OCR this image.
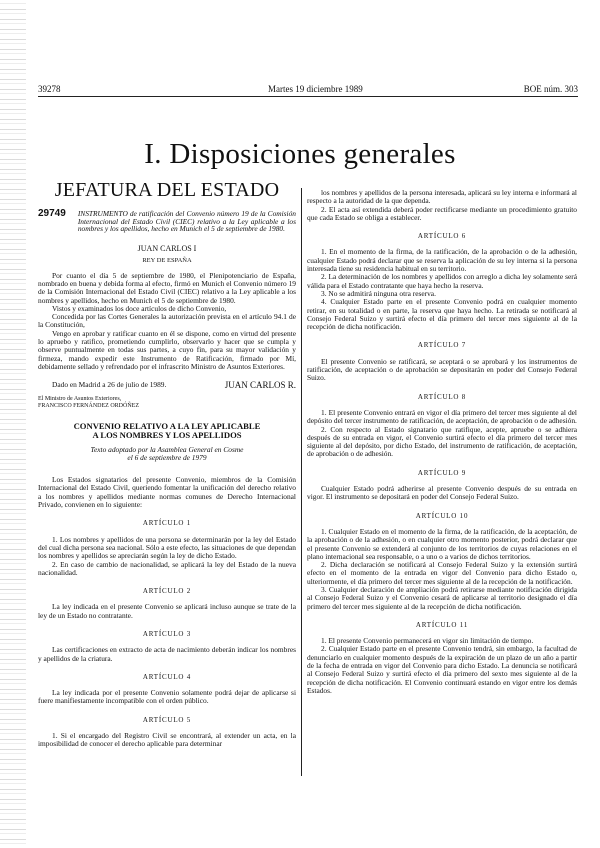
39278	Martes 19 diciembre 1989	BOE núm. 303
I. Disposiciones generales
JEFATURA DEL ESTADO
29749 INSTRUMENTO de ratificación del Convenio número 19 de la Comisión Internacional del Estado Civil (CIEC) relativo a la Ley aplicable a los nombres y los apellidos, hecho en Munich el 5 de septiembre de 1980.
JUAN CARLOS I
REY DE ESPAÑA

Por cuanto el día 5 de septiembre de 1980, el Plenipotenciario de España, nombrado en buena y debida forma al efecto, firmó en Munich el Convenio número 19 de la Comisión Internacional del Estado Civil (CIEC) relativo a la Ley aplicable a los nombres y apellidos, hecho en Munich el 5 de septiembre de 1980.

Vistos y examinados los doce artículos de dicho Convenio,

Concedida por las Cortes Generales la autorización prevista en el artículo 94.1 de la Constitución,

Vengo en aprobar y ratificar cuanto en él se dispone, como en virtud del presente lo apruebo y ratifico, prometiendo cumplirlo, observarlo y hacer que se cumpla y observe puntualmente en todas sus partes, a cuyo fin, para su mayor validación y firmeza, mando expedir este Instrumento de Ratificación, firmado por Mí, debidamente sellado y refrendado por el infrascrito Ministro de Asuntos Exteriores.

Dado en Madrid a 26 de julio de 1989.	JUAN CARLOS R.
El Ministro de Asuntos Exteriores,
FRANCISCO FERNÁNDEZ ORDÓÑEZ
CONVENIO RELATIVO A LA LEY APLICABLE
A LOS NOMBRES Y LOS APELLIDOS
Texto adoptado por la Asamblea General en Cosme
el 6 de septiembre de 1979

Los Estados signatarios del presente Convenio, miembros de la Comisión Internacional del Estado Civil, queriendo fomentar la unificación del derecho relativo a los nombres y apellidos mediante normas comunes de Derecho Internacional Privado, convienen en lo siguiente:

ARTÍCULO 1

1. Los nombres y apellidos de una persona se determinarán por la ley del Estado del cual dicha persona sea nacional. Sólo a este efecto, las situaciones de que dependan los nombres y apellidos se apreciarán según la ley de dicho Estado.

2. En caso de cambio de nacionalidad, se aplicará la ley del Estado de la nueva nacionalidad.

ARTÍCULO 2

La ley indicada en el presente Convenio se aplicará incluso aunque se trate de la ley de un Estado no contratante.

ARTÍCULO 3

Las certificaciones en extracto de acta de nacimiento deberán indicar los nombres y apellidos de la criatura.

ARTÍCULO 4

La ley indicada por el presente Convenio solamente podrá dejar de aplicarse si fuere manifiestamente incompatible con el orden público.

ARTÍCULO 5

1. Si el encargado del Registro Civil se encontrará, al extender un acta, en la imposibilidad de conocer el derecho aplicable para determinar

los nombres y apellidos de la persona interesada, aplicará su ley interna e informará al respecto a la autoridad de la que dependa.

2. El acta así extendida deberá poder rectificarse mediante un procedimiento gratuito que cada Estado se obliga a establecer.

ARTÍCULO 6

1. En el momento de la firma, de la ratificación, de la aprobación o de la adhesión, cualquier Estado podrá declarar que se reserva la aplicación de su ley interna si la persona interesada tiene su residencia habitual en su territorio.

2. La determinación de los nombres y apellidos con arreglo a dicha ley solamente será válida para el Estado contratante que haya hecho la reserva.

3. No se admitirá ninguna otra reserva.

4. Cualquier Estado parte en el presente Convenio podrá en cualquier momento retirar, en su totalidad o en parte, la reserva que haya hecho. La retirada se notificará al Consejo Federal Suizo y surtirá efecto el día primero del tercer mes siguiente al de la recepción de dicha notificación.

ARTÍCULO 7

El presente Convenio se ratificará, se aceptará o se aprobará y los instrumentos de ratificación, de aceptación o de aprobación se depositarán en poder del Consejo Federal Suizo.

ARTÍCULO 8

1. El presente Convenio entrará en vigor el día primero del tercer mes siguiente al del depósito del tercer instrumento de ratificación, de aceptación, de aprobación o de adhesión.

2. Con respecto al Estado signatario que ratifique, acepte, apruebe o se adhiera después de su entrada en vigor, el Convenio surtirá efecto el día primero del tercer mes siguiente al del depósito, por dicho Estado, del instrumento de ratificación, de aceptación, de aprobación o de adhesión.

ARTÍCULO 9

Cualquier Estado podrá adherirse al presente Convenio después de su entrada en vigor. El instrumento se depositará en poder del Consejo Federal Suizo.

ARTÍCULO 10

1. Cualquier Estado en el momento de la firma, de la ratificación, de la aceptación, de la aprobación o de la adhesión, o en cualquier otro momento posterior, podrá declarar que el presente Convenio se extenderá al conjunto de los territorios de cuyas relaciones en el plano internacional sea responsable, o a uno o a varios de dichos territorios.

2. Dicha declaración se notificará al Consejo Federal Suizo y la extensión surtirá efecto en el momento de la entrada en vigor del Convenio para dicho Estado o, ulteriormente, el día primero del tercer mes siguiente al de la recepción de la notificación.

3. Cualquier declaración de ampliación podrá retirarse mediante notificación dirigida al Consejo Federal Suizo y el Convenio cesará de aplicarse al territorio designado el día primero del tercer mes siguiente al de la recepción de dicha notificación.

ARTÍCULO 11

1. El presente Convenio permanecerá en vigor sin limitación de tiempo.

2. Cualquier Estado parte en el presente Convenio tendrá, sin embargo, la facultad de denunciarlo en cualquier momento después de la expiración de un plazo de un año a partir de la fecha de entrada en vigor del Convenio para dicho Estado. La denuncia se notificará al Consejo Federal Suizo y surtirá efecto el día primero del sexto mes siguiente al de la recepción de dicha notificación. El Convenio continuará estando en vigor entre los demás Estados.
